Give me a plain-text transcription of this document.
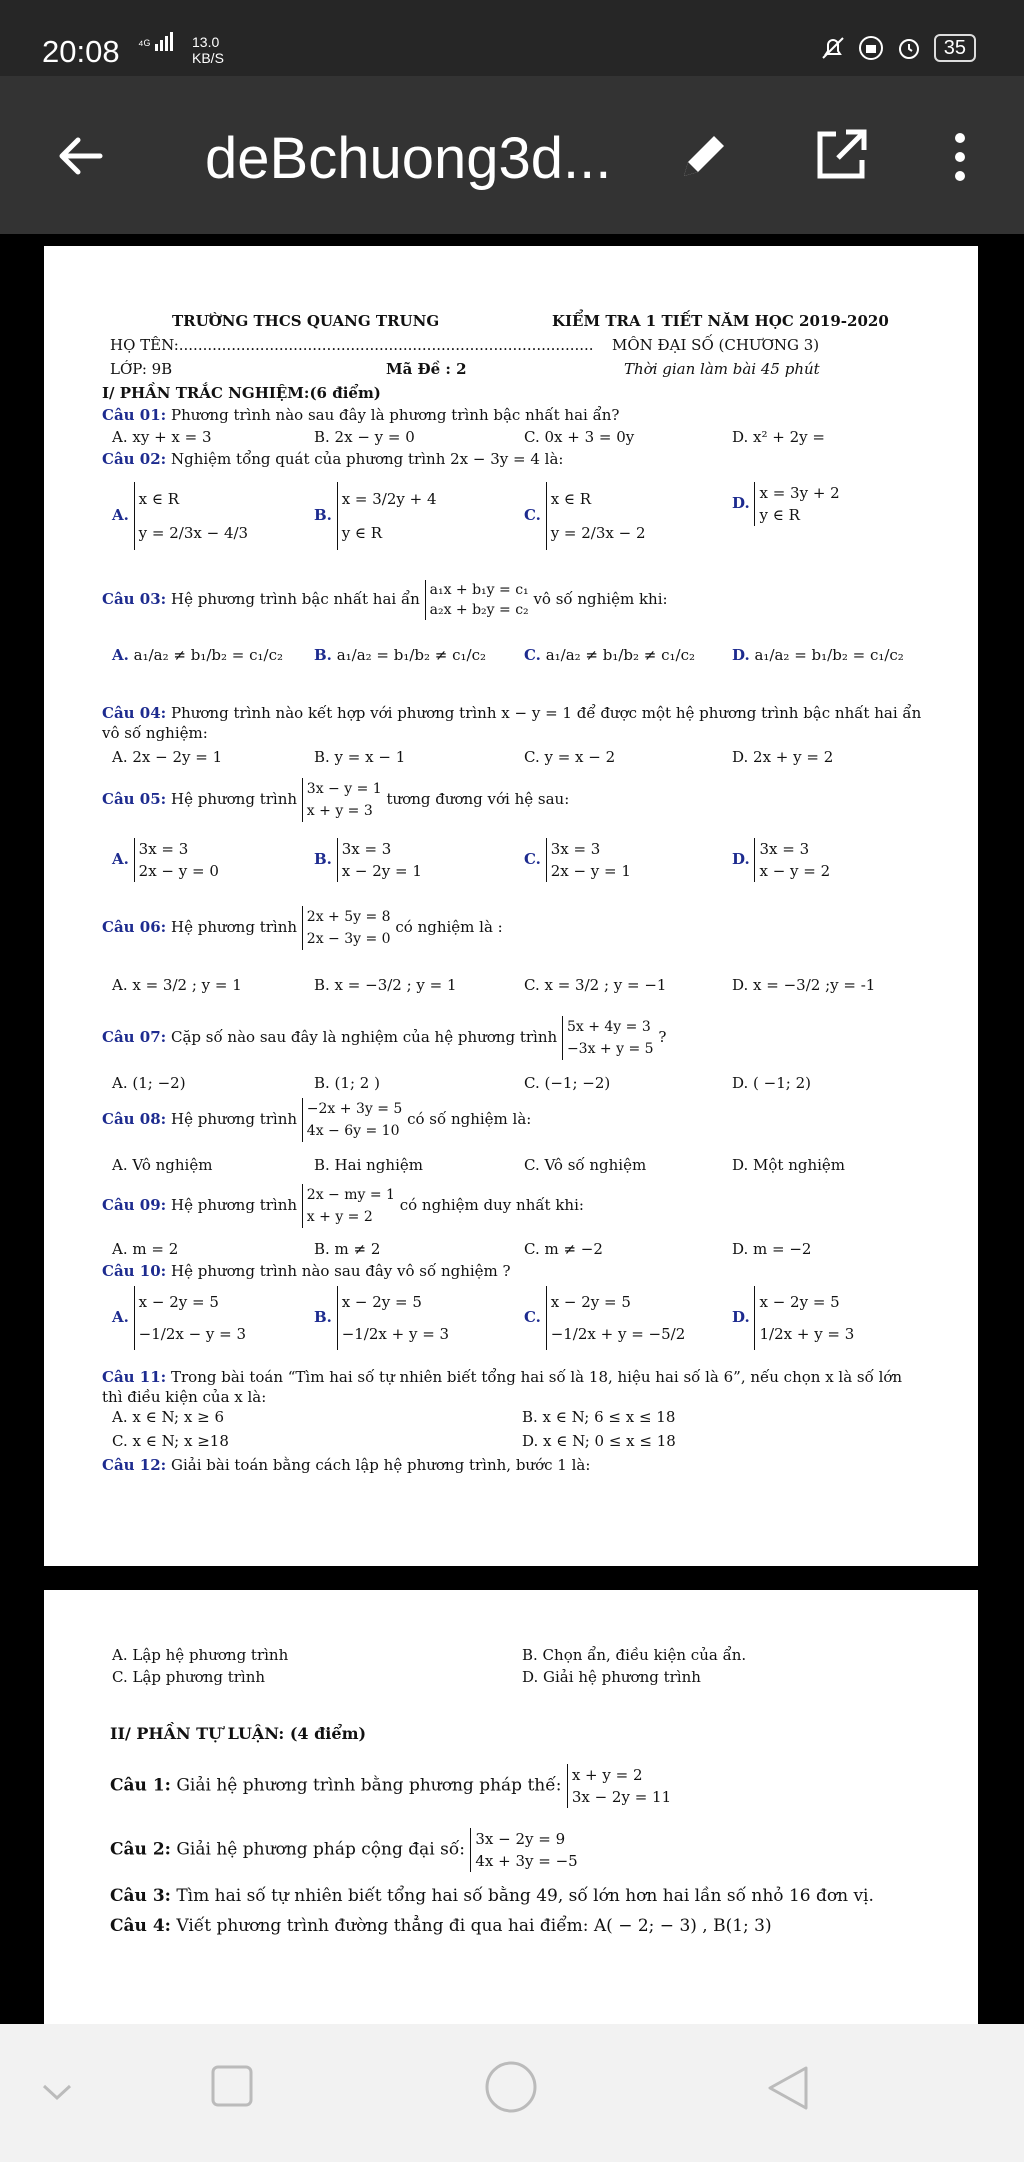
20:08 ⁴ᴳ	13.0
KB/S	35
deBchuong3d...
TRƯỜNG THCS QUANG TRUNG	KIỂM TRA 1 TIẾT NĂM HỌC 2019-2020
HỌ TÊN:....................................................................................... MÔN ĐẠI SỐ (CHƯƠNG 3)
LỚP: 9B	Mã Đề : 2	Thời gian làm bài 45 phút
I/ PHẦN TRẮC NGHIỆM:(6 điểm)
Câu 01: Phương trình nào sau đây là phương trình bậc nhất hai ẩn?
A. xy + x = 3	B. 2x − y = 0	C. 0x + 3 = 0y	D. x² + 2y =
Câu 02: Nghiệm tổng quát của phương trình 2x − 3y = 4 là:
A. x ∈ R
y = 2/3x − 4/3
B. x = 3/2y + 4
y ∈ R
C. x ∈ R
y = 2/3x − 2
D. x = 3y + 2
y ∈ R
Câu 03: Hệ phương trình bậc nhất hai ẩn a₁x + b₁y = c₁
a₂x + b₂y = c₂ vô số nghiệm khi:
A. a₁/a₂ ≠ b₁/b₂ = c₁/c₂ B. a₁/a₂ = b₁/b₂ ≠ c₁/c₂	C. a₁/a₂ ≠ b₁/b₂ ≠ c₁/c₂ D. a₁/a₂ = b₁/b₂ = c₁/c₂
Câu 04: Phương trình nào kết hợp với phương trình x − y = 1 để được một hệ phương trình bậc nhất hai ẩn
vô số nghiệm:
A. 2x − 2y = 1	B. y = x − 1	C. y = x − 2	D. 2x + y = 2
Câu 05: Hệ phương trình 3x − y = 1
x + y = 3 tương đương với hệ sau:
A. 3x = 3
2x − y = 0
B. 3x = 3
x − 2y = 1
C. 3x = 3
2x − y = 1
D. 3x = 3
x − y = 2
Câu 06: Hệ phương trình 2x + 5y = 8
2x − 3y = 0 có nghiệm là :
A. x = 3/2 ; y = 1	B. x = −3/2 ; y = 1	C. x = 3/2 ; y = −1	D. x = −3/2 ;y = -1
Câu 07: Cặp số nào sau đây là nghiệm của hệ phương trình 5x + 4y = 3
−3x + y = 5 ?
A. (1; −2)	B. (1; 2 )	C. (−1; −2)	D. ( −1; 2)
Câu 08: Hệ phương trình −2x + 3y = 5
4x − 6y = 10 có số nghiệm là:
A. Vô nghiệm	B. Hai nghiệm	C. Vô số nghiệm	D. Một nghiệm
Câu 09: Hệ phương trình 2x − my = 1
x + y = 2 có nghiệm duy nhất khi:
A. m = 2	B. m ≠ 2	C. m ≠ −2	D. m = −2
Câu 10: Hệ phương trình nào sau đây vô số nghiệm ?
A. x − 2y = 5
−1/2x − y = 3
B. x − 2y = 5
−1/2x + y = 3
C. x − 2y = 5
−1/2x + y = −5/2
D. x − 2y = 5
1/2x + y = 3
Câu 11: Trong bài toán “Tìm hai số tự nhiên biết tổng hai số là 18, hiệu hai số là 6”, nếu chọn x là số lớn
thì điều kiện của x là:
A. x ∈ N; x ≥ 6	B. x ∈ N; 6 ≤ x ≤ 18
C. x ∈ N; x ≥18	D. x ∈ N; 0 ≤ x ≤ 18
Câu 12: Giải bài toán bằng cách lập hệ phương trình, bước 1 là:
A. Lập hệ phương trình	B. Chọn ẩn, điều kiện của ẩn.
C. Lập phương trình	D. Giải hệ phương trình
II/ PHẦN TỰ LUẬN: (4 điểm)
Câu 1: Giải hệ phương trình bằng phương pháp thế: x + y = 2
3x − 2y = 11
Câu 2: Giải hệ phương pháp cộng đại số: 3x − 2y = 9
4x + 3y = −5
Câu 3: Tìm hai số tự nhiên biết tổng hai số bằng 49, số lớn hơn hai lần số nhỏ 16 đơn vị.
Câu 4: Viết phương trình đường thẳng đi qua hai điểm: A( − 2; − 3) , B(1; 3)
